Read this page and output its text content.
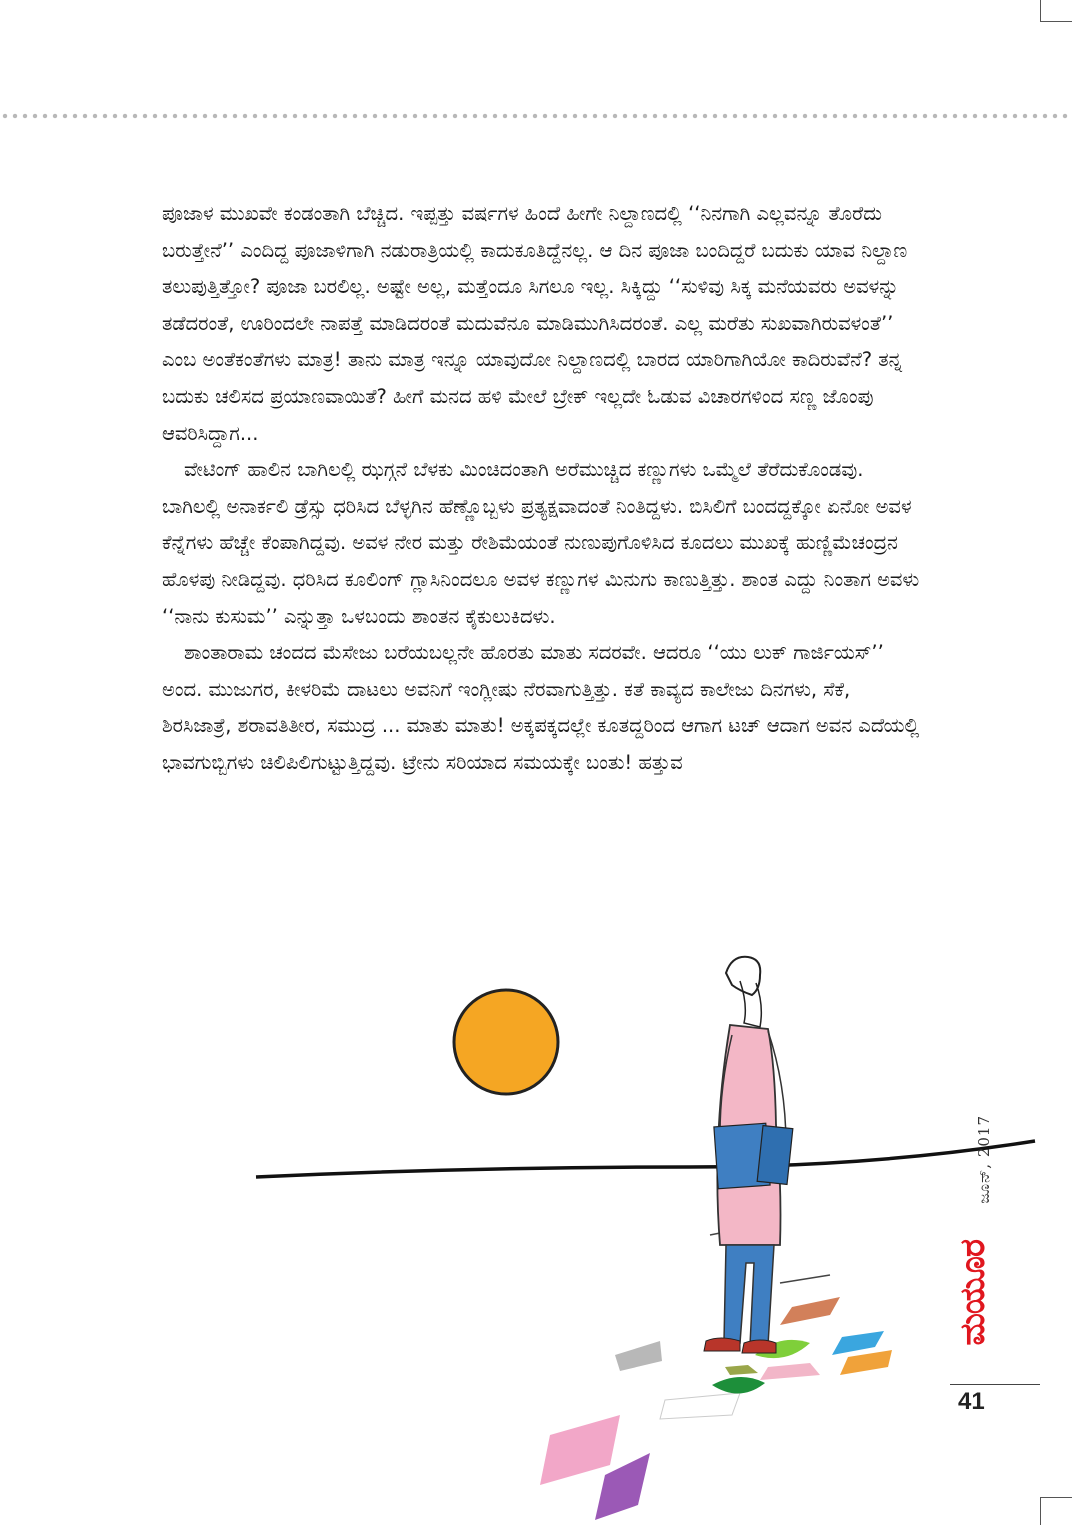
ಪೂಜಾಳ ಮುಖವೇ ಕಂಡಂತಾಗಿ ಬೆಚ್ಚಿದ. ಇಪ್ಪತ್ತು ವರ್ಷಗಳ ಹಿಂದೆ ಹೀಗೇ ನಿಲ್ದಾಣದಲ್ಲಿ ‘‘ನಿನಗಾಗಿ ಎಲ್ಲವನ್ನೂ ತೊರೆದು ಬರುತ್ತೇನೆ’’ ಎಂದಿದ್ದ ಪೂಜಾಳಿಗಾಗಿ ನಡುರಾತ್ರಿಯಲ್ಲಿ ಕಾದುಕೂತಿದ್ದೆನಲ್ಲ. ಆ ದಿನ ಪೂಜಾ ಬಂದಿದ್ದರೆ ಬದುಕು ಯಾವ ನಿಲ್ದಾಣ ತಲುಪುತ್ತಿತ್ತೋ? ಪೂಜಾ ಬರಲಿಲ್ಲ. ಅಷ್ಟೇ ಅಲ್ಲ, ಮತ್ತೆಂದೂ ಸಿಗಲೂ ಇಲ್ಲ. ಸಿಕ್ಕಿದ್ದು ‘‘ಸುಳಿವು ಸಿಕ್ಕ ಮನೆಯವರು ಅವಳನ್ನು ತಡೆದರಂತೆ, ಊರಿಂದಲೇ ನಾಪತ್ತೆ ಮಾಡಿದರಂತೆ ಮದುವೆನೂ ಮಾಡಿಮುಗಿಸಿದರಂತೆ. ಎಲ್ಲ ಮರೆತು ಸುಖವಾಗಿರುವಳಂತೆ’’ ಎಂಬ ಅಂತೆಕಂತೆಗಳು ಮಾತ್ರ! ತಾನು ಮಾತ್ರ ಇನ್ನೂ ಯಾವುದೋ ನಿಲ್ದಾಣದಲ್ಲಿ ಬಾರದ ಯಾರಿಗಾಗಿಯೋ ಕಾದಿರುವೆನೆ? ತನ್ನ ಬದುಕು ಚಲಿಸದ ಪ್ರಯಾಣವಾಯಿತೆ? ಹೀಗೆ ಮನದ ಹಳಿ ಮೇಲೆ ಬ್ರೇಕ್ ಇಲ್ಲದೇ ಓಡುವ ವಿಚಾರಗಳಿಂದ ಸಣ್ಣ ಜೊಂಪು ಆವರಿಸಿದ್ದಾಗ...

ವೇಟಿಂಗ್ ಹಾಲಿನ ಬಾಗಿಲಲ್ಲಿ ಝಗ್ಗನೆ ಬೆಳಕು ಮಿಂಚಿದಂತಾಗಿ ಅರೆಮುಚ್ಚಿದ ಕಣ್ಣುಗಳು ಒಮ್ಮೆಲೆ ತೆರೆದುಕೊಂಡವು. ಬಾಗಿಲಲ್ಲಿ ಅನಾರ್ಕಲಿ ಡ್ರೆಸ್ಸು ಧರಿಸಿದ ಬೆಳ್ಳಗಿನ ಹೆಣ್ಣೊಬ್ಬಳು ಪ್ರತ್ಯಕ್ಷವಾದಂತೆ ನಿಂತಿದ್ದಳು. ಬಿಸಿಲಿಗೆ ಬಂದದ್ದಕ್ಕೋ ಏನೋ ಅವಳ ಕೆನ್ನೆಗಳು ಹೆಚ್ಚೇ ಕೆಂಪಾಗಿದ್ದವು. ಅವಳ ನೇರ ಮತ್ತು ರೇಶಿಮೆಯಂತೆ ನುಣುಪುಗೊಳಿಸಿದ ಕೂದಲು ಮುಖಕ್ಕೆ ಹುಣ್ಣಿಮೆಚಂದ್ರನ ಹೊಳಪು ನೀಡಿದ್ದವು. ಧರಿಸಿದ ಕೂಲಿಂಗ್ ಗ್ಲಾಸಿನಿಂದಲೂ ಅವಳ ಕಣ್ಣುಗಳ ಮಿನುಗು ಕಾಣುತ್ತಿತ್ತು. ಶಾಂತ ಎದ್ದು ನಿಂತಾಗ ಅವಳು ‘‘ನಾನು ಕುಸುಮ’’ ಎನ್ನುತ್ತಾ ಒಳಬಂದು ಶಾಂತನ ಕೈಕುಲುಕಿದಳು.

ಶಾಂತಾರಾಮ ಚಂದದ ಮೆಸೇಜು ಬರೆಯಬಲ್ಲನೇ ಹೊರತು ಮಾತು ಸದರವೇ. ಆದರೂ ‘‘ಯು ಲುಕ್ ಗಾರ್ಜಿಯಸ್’’ ಅಂದ. ಮುಜುಗರ, ಕೀಳರಿಮೆ ದಾಟಲು ಅವನಿಗೆ ಇಂಗ್ಲೀಷು ನೆರವಾಗುತ್ತಿತ್ತು. ಕತೆ ಕಾವ್ಯದ ಕಾಲೇಜು ದಿನಗಳು, ಸೆಕೆ, ಶಿರಸಿಜಾತ್ರೆ, ಶರಾವತಿತೀರ, ಸಮುದ್ರ ... ಮಾತು ಮಾತು! ಅಕ್ಕಪಕ್ಕದಲ್ಲೇ ಕೂತದ್ದರಿಂದ ಆಗಾಗ ಟಚ್ ಆದಾಗ ಅವನ ಎದೆಯಲ್ಲಿ ಭಾವಗುಬ್ಬಿಗಳು ಚಿಲಿಪಿಲಿಗುಟ್ಟುತ್ತಿದ್ದವು. ಟ್ರೇನು ಸರಿಯಾದ ಸಮಯಕ್ಕೇ ಬಂತು! ಹತ್ತುವ

ಜೂನ್, 2017
ಮಯೂರ
41
